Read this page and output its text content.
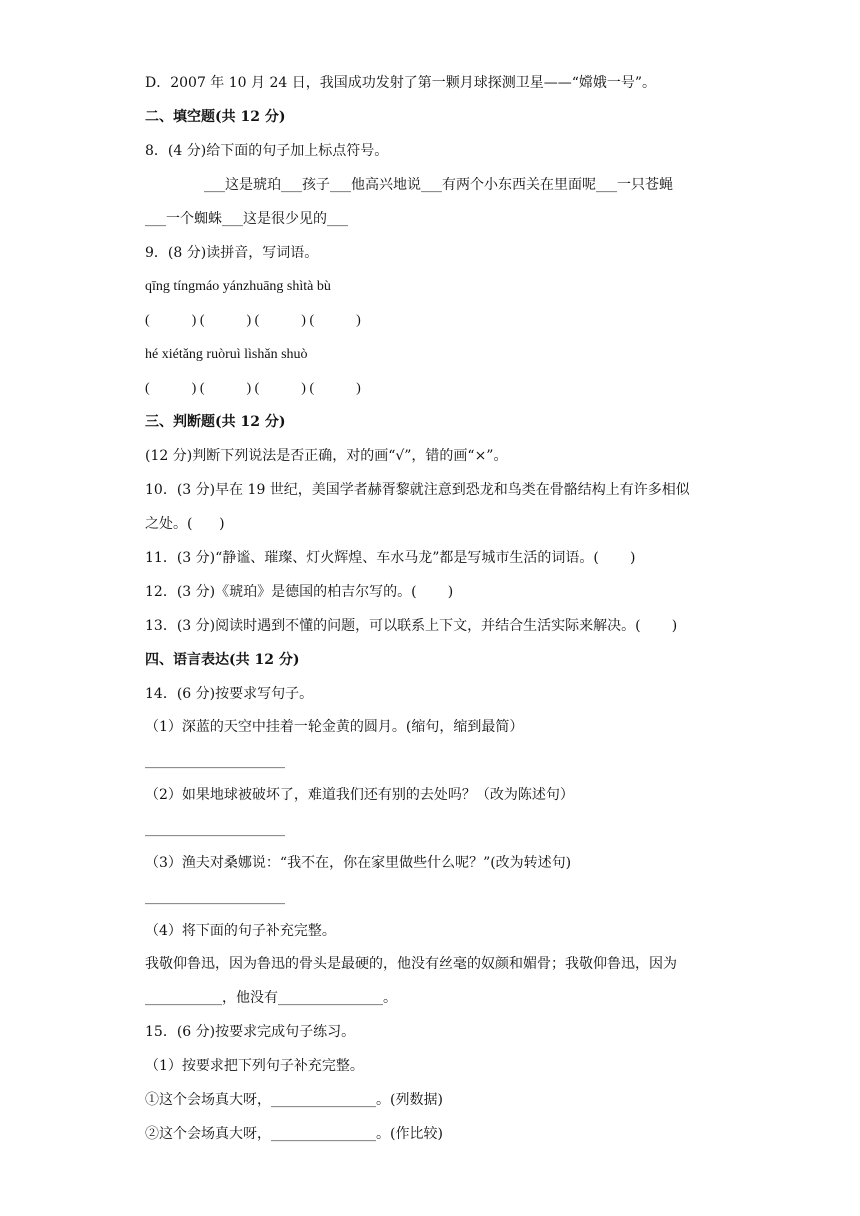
D．2007 年 10 月 24 日，我国成功发射了第一颗月球探测卫星——“嫦娥一号”。
二、填空题(共 12 分)
8．(4 分)给下面的句子加上标点符号。
___这是琥珀___孩子___他高兴地说___有两个小东西关在里面呢___一只苍蝇
___一个蜘蛛___这是很少见的___
9．(8 分)读拼音，写词语。
qīng tíngmáo yánzhuāng shìtà bù
(            ) (            ) (            ) (            )
hé xiétǎng ruòruì lìshǎn shuò
(            ) (            ) (            ) (            )
三、判断题(共 12 分)
(12 分)判断下列说法是否正确，对的画“√”，错的画“×”。
10．(3 分)早在 19 世纪，美国学者赫胥黎就注意到恐龙和鸟类在骨骼结构上有许多相似
之处。(      )
11．(3 分)“静谧、璀璨、灯火辉煌、车水马龙”都是写城市生活的词语。(       )
12．(3 分)《琥珀》是德国的柏吉尔写的。(       )
13．(3 分)阅读时遇到不懂的问题，可以联系上下文，并结合生活实际来解决。(       )
四、语言表达(共 12 分)
14．(6 分)按要求写句子。
（1）深蓝的天空中挂着一轮金黄的圆月。(缩句，缩到最简）
____________________
（2）如果地球被破坏了，难道我们还有别的去处吗？（改为陈述句）
____________________
（3）渔夫对桑娜说：“我不在，你在家里做些什么呢？”(改为转述句)
____________________
（4）将下面的句子补充完整。
我敬仰鲁迅，因为鲁迅的骨头是最硬的，他没有丝毫的奴颜和媚骨；我敬仰鲁迅，因为
___________，他没有_______________。
15．(6 分)按要求完成句子练习。
（1）按要求把下列句子补充完整。
①这个会场真大呀，_______________。(列数据)
②这个会场真大呀，_______________。(作比较)
